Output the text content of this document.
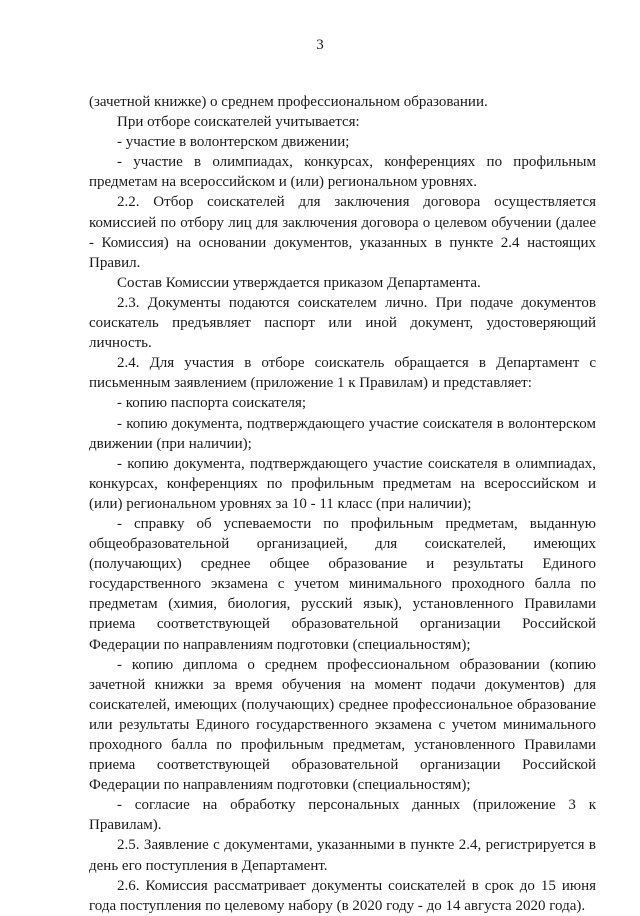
3

(зачетной книжке) о среднем профессиональном образовании.

При отборе соискателей учитывается:

- участие в волонтерском движении;

- участие в олимпиадах, конкурсах, конференциях по профильным предметам на всероссийском и (или) региональном уровнях.

2.2. Отбор соискателей для заключения договора осуществляется комиссией по отбору лиц для заключения договора о целевом обучении (далее - Комиссия) на основании документов, указанных в пункте 2.4 настоящих Правил.

Состав Комиссии утверждается приказом Департамента.

2.3. Документы подаются соискателем лично. При подаче документов соискатель предъявляет паспорт или иной документ, удостоверяющий личность.

2.4. Для участия в отборе соискатель обращается в Департамент с письменным заявлением (приложение 1 к Правилам) и представляет:

- копию паспорта соискателя;

- копию документа, подтверждающего участие соискателя в волонтерском движении (при наличии);

- копию документа, подтверждающего участие соискателя в олимпиадах, конкурсах, конференциях по профильным предметам на всероссийском и (или) региональном уровнях за 10 - 11 класс (при наличии);

- справку об успеваемости по профильным предметам, выданную общеобразовательной организацией, для соискателей, имеющих (получающих) среднее общее образование и результаты Единого государственного экзамена с учетом минимального проходного балла по предметам (химия, биология, русский язык), установленного Правилами приема соответствующей образовательной организации Российской Федерации по направлениям подготовки (специальностям);

- копию диплома о среднем профессиональном образовании (копию зачетной книжки за время обучения на момент подачи документов) для соискателей, имеющих (получающих) среднее профессиональное образование или результаты Единого государственного экзамена с учетом минимального проходного балла по профильным предметам, установленного Правилами приема соответствующей образовательной организации Российской Федерации по направлениям подготовки (специальностям);

- согласие на обработку персональных данных (приложение 3 к Правилам).

2.5. Заявление с документами, указанными в пункте 2.4, регистрируется в день его поступления в Департамент.

2.6. Комиссия рассматривает документы соискателей в срок до 15 июня года поступления по целевому набору (в 2020 году - до 14 августа 2020 года).
